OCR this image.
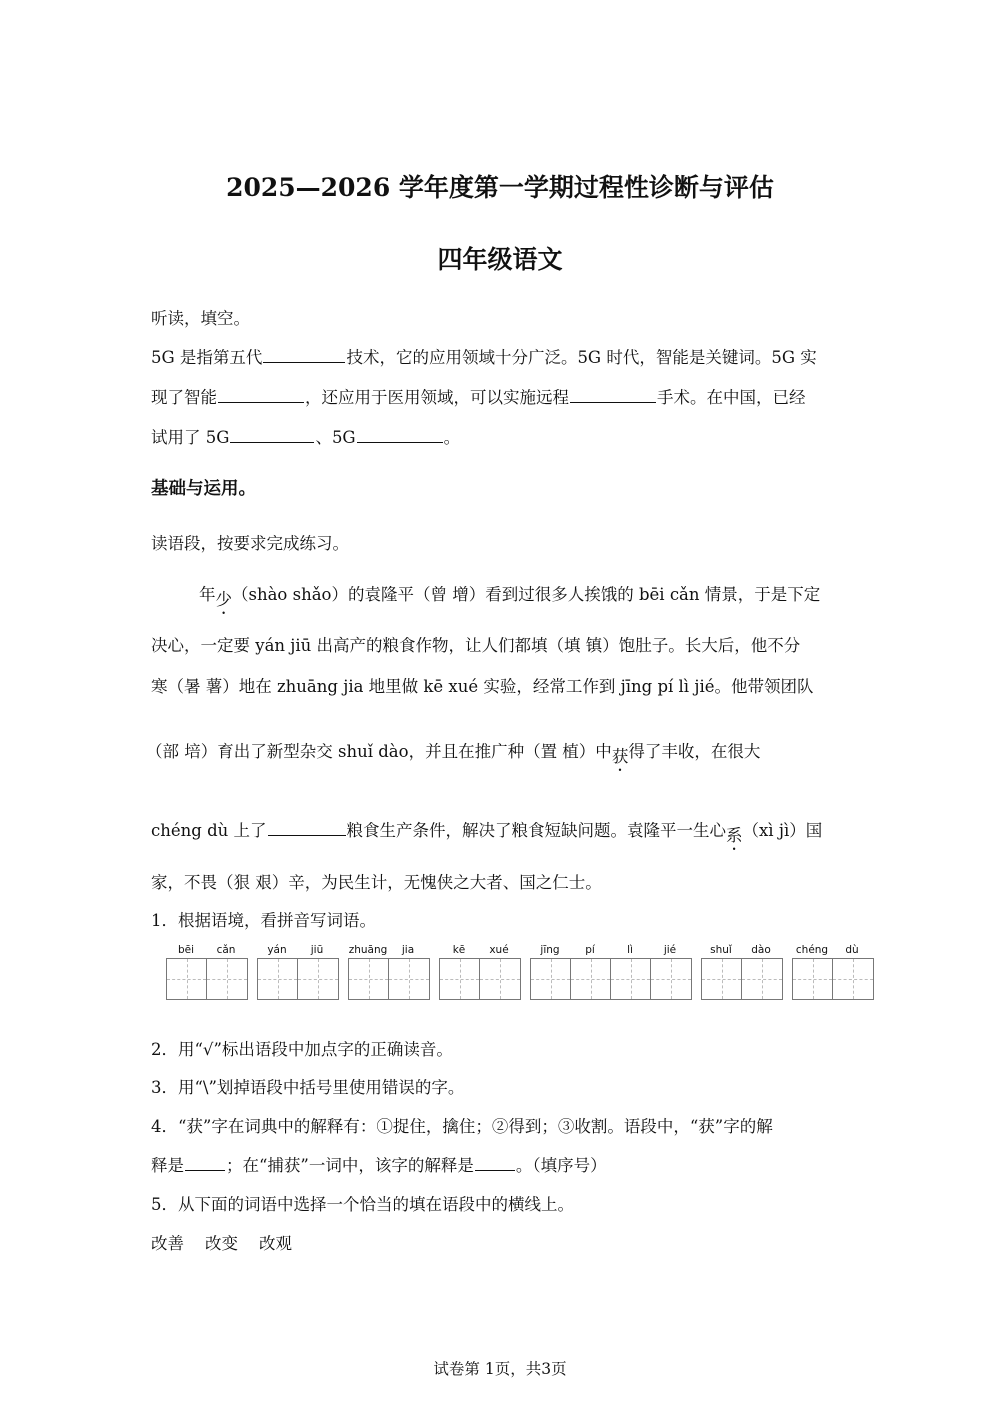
2025—2026 学年度第一学期过程性诊断与评估
四年级语文
听读，填空。
5G 是指第五代	技术，它的应用领域十分广泛。5G 时代，智能是关键词。5G 实
现了智能	，还应用于医用领域，可以实施远程	手术。在中国，已经
试用了 5G	、5G	。
基础与运用。
读语段，按要求完成练习。
年少（shào shǎo）的袁隆平（曾 增）看到过很多人挨饿的 bēi cǎn 情景，于是下定
决心，一定要 yán jiū 出高产的粮食作物，让人们都填（填 镇）饱肚子。长大后，他不分
寒（暑 薯）地在 zhuāng jia 地里做 kē xué 实验，经常工作到 jīng pí lì jié。他带领团队
（部 培）育出了新型杂交 shuǐ dào，并且在推广种（置 植）中获得了丰收，在很大
chéng dù 上了	粮食生产条件，解决了粮食短缺问题。袁隆平一生心系（xì jì）国
家，不畏（狠 艰）辛，为民生计，无愧侠之大者、国之仁士。
1．根据语境，看拼音写词语。
bēi	cǎn	yán	jiū	zhuāng	jia	kē	xué	jīng	pí	lì	jié	shuǐ	dào	chéng	dù
2．用“√”标出语段中加点字的正确读音。
3．用“\”划掉语段中括号里使用错误的字。
4．“获”字在词典中的解释有：①捉住，擒住；②得到；③收割。语段中，“获”字的解
释是	；在“捕获”一词中，该字的解释是	。（填序号）
5．从下面的词语中选择一个恰当的填在语段中的横线上。
改善 改变 改观
试卷第 1页，共3页
